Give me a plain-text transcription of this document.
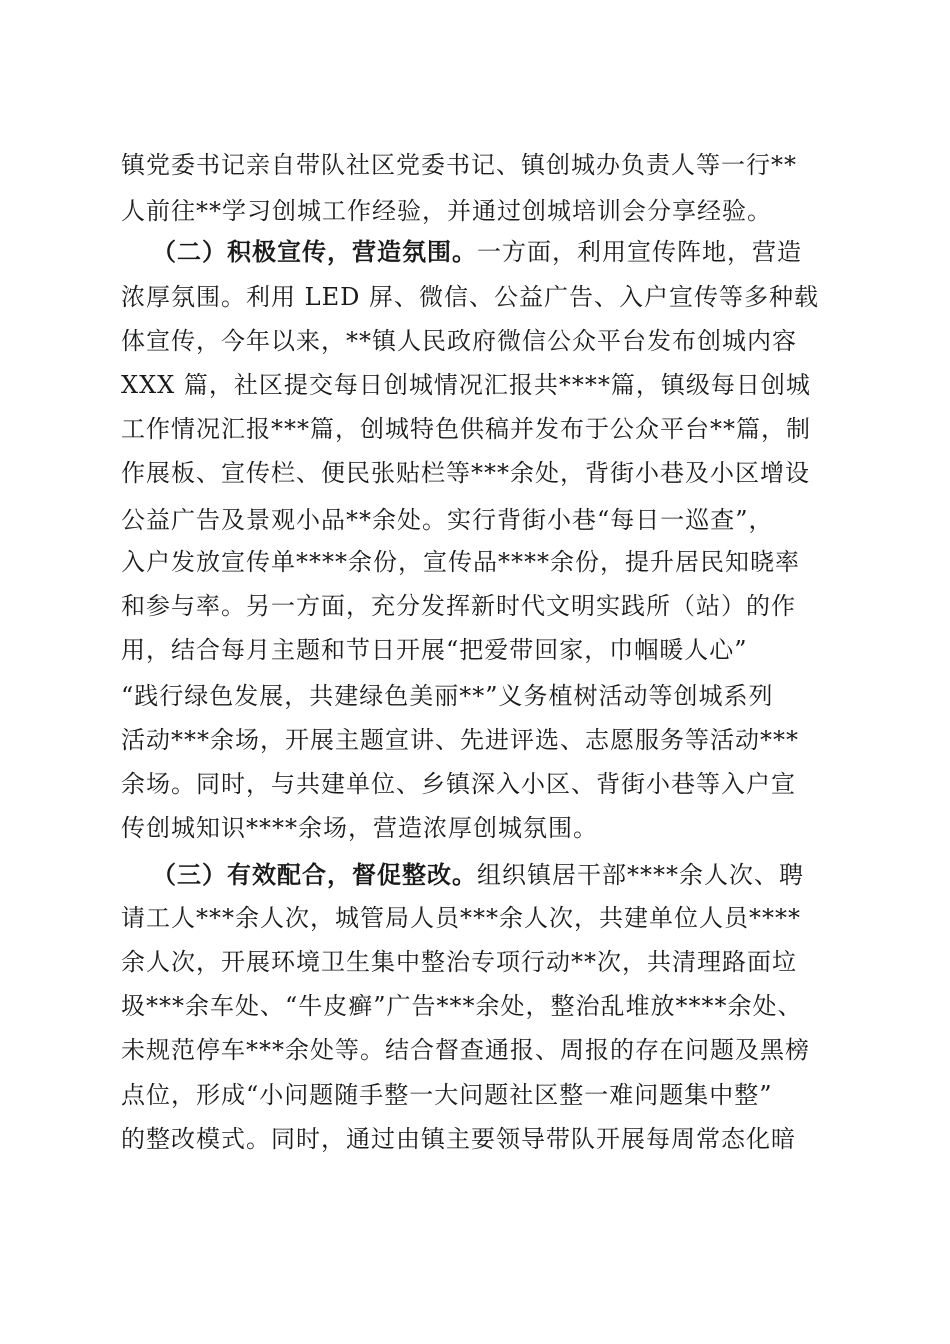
镇党委书记亲自带队社区党委书记、镇创城办负责人等一行**
人前往**学习创城工作经验，并通过创城培训会分享经验。
（二）积极宣传，营造氛围。一方面，利用宣传阵地，营造
浓厚氛围。利用 LED 屏、微信、公益广告、入户宣传等多种载
体宣传，今年以来，**镇人民政府微信公众平台发布创城内容
XXX 篇，社区提交每日创城情况汇报共****篇，镇级每日创城
工作情况汇报***篇，创城特色供稿并发布于公众平台**篇，制
作展板、宣传栏、便民张贴栏等***余处，背街小巷及小区增设
公益广告及景观小品**余处。实行背街小巷“每日一巡查”，
入户发放宣传单****余份，宣传品****余份，提升居民知晓率
和参与率。另一方面，充分发挥新时代文明实践所（站）的作
用，结合每月主题和节日开展“把爱带回家，巾帼暖人心”
“践行绿色发展，共建绿色美丽**”义务植树活动等创城系列
活动***余场，开展主题宣讲、先进评选、志愿服务等活动***
余场。同时，与共建单位、乡镇深入小区、背街小巷等入户宣
传创城知识****余场，营造浓厚创城氛围。
（三）有效配合，督促整改。组织镇居干部****余人次、聘
请工人***余人次，城管局人员***余人次，共建单位人员****
余人次，开展环境卫生集中整治专项行动**次，共清理路面垃
圾***余车处、“牛皮癣”广告***余处，整治乱堆放****余处、
未规范停车***余处等。结合督查通报、周报的存在问题及黑榜
点位，形成“小问题随手整一大问题社区整一难问题集中整”
的整改模式。同时，通过由镇主要领导带队开展每周常态化暗
